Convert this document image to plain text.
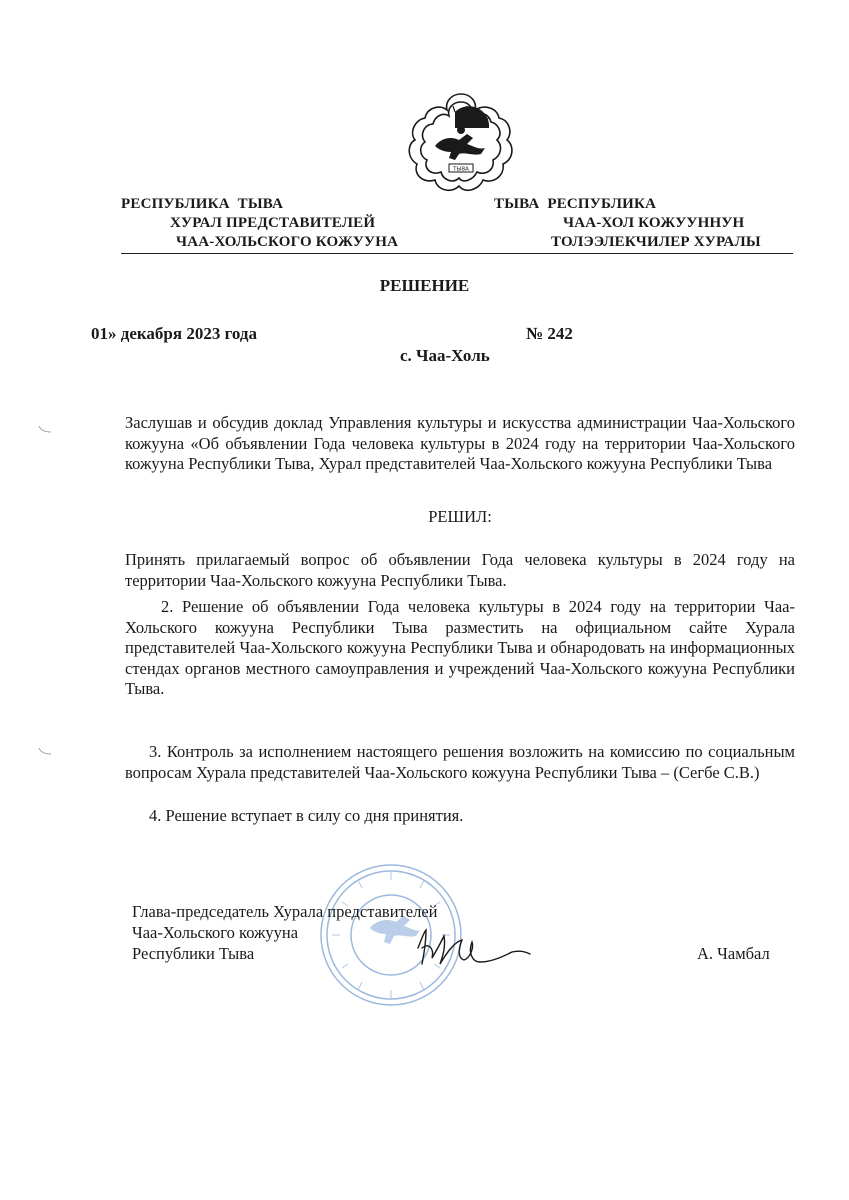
ТЫВА
РЕСПУБЛИКА  ТЫВА
ХУРАЛ ПРЕДСТАВИТЕЛЕЙ
ЧАА-ХОЛЬСКОГО КОЖУУНА
ТЫВА  РЕСПУБЛИКА
ЧАА-ХОЛ КОЖУУННУН
ТОЛЭЭЛЕКЧИЛЕР ХУРАЛЫ
РЕШЕНИЕ
01» декабря 2023 года	№ 242
с. Чаа-Холь
Заслушав и обсудив доклад Управления культуры и искусства администрации Чаа-Хольского кожууна «Об объявлении Года человека культуры в 2024 году на территории Чаа-Хольского кожууна Республики Тыва, Хурал представителей Чаа-Хольского кожууна Республики Тыва
РЕШИЛ:
Принять прилагаемый вопрос об объявлении Года человека культуры в 2024 году на территории Чаа-Хольского кожууна Республики Тыва.
2. Решение об объявлении Года человека культуры в 2024 году на территории Чаа-Хольского кожууна Республики Тыва разместить на официальном сайте Хурала представителей Чаа-Хольского кожууна Республики Тыва и обнародовать на информационных стендах органов местного самоуправления и учреждений Чаа-Хольского кожууна Республики Тыва.
3. Контроль за исполнением настоящего решения возложить на комиссию по социальным вопросам Хурала представителей Чаа-Хольского кожууна Республики Тыва – (Сегбе С.В.)
4. Решение вступает в силу со дня принятия.
Глава-председатель Хурала представителей
Чаа-Хольского кожууна
Республики Тыва	А. Чамбал
